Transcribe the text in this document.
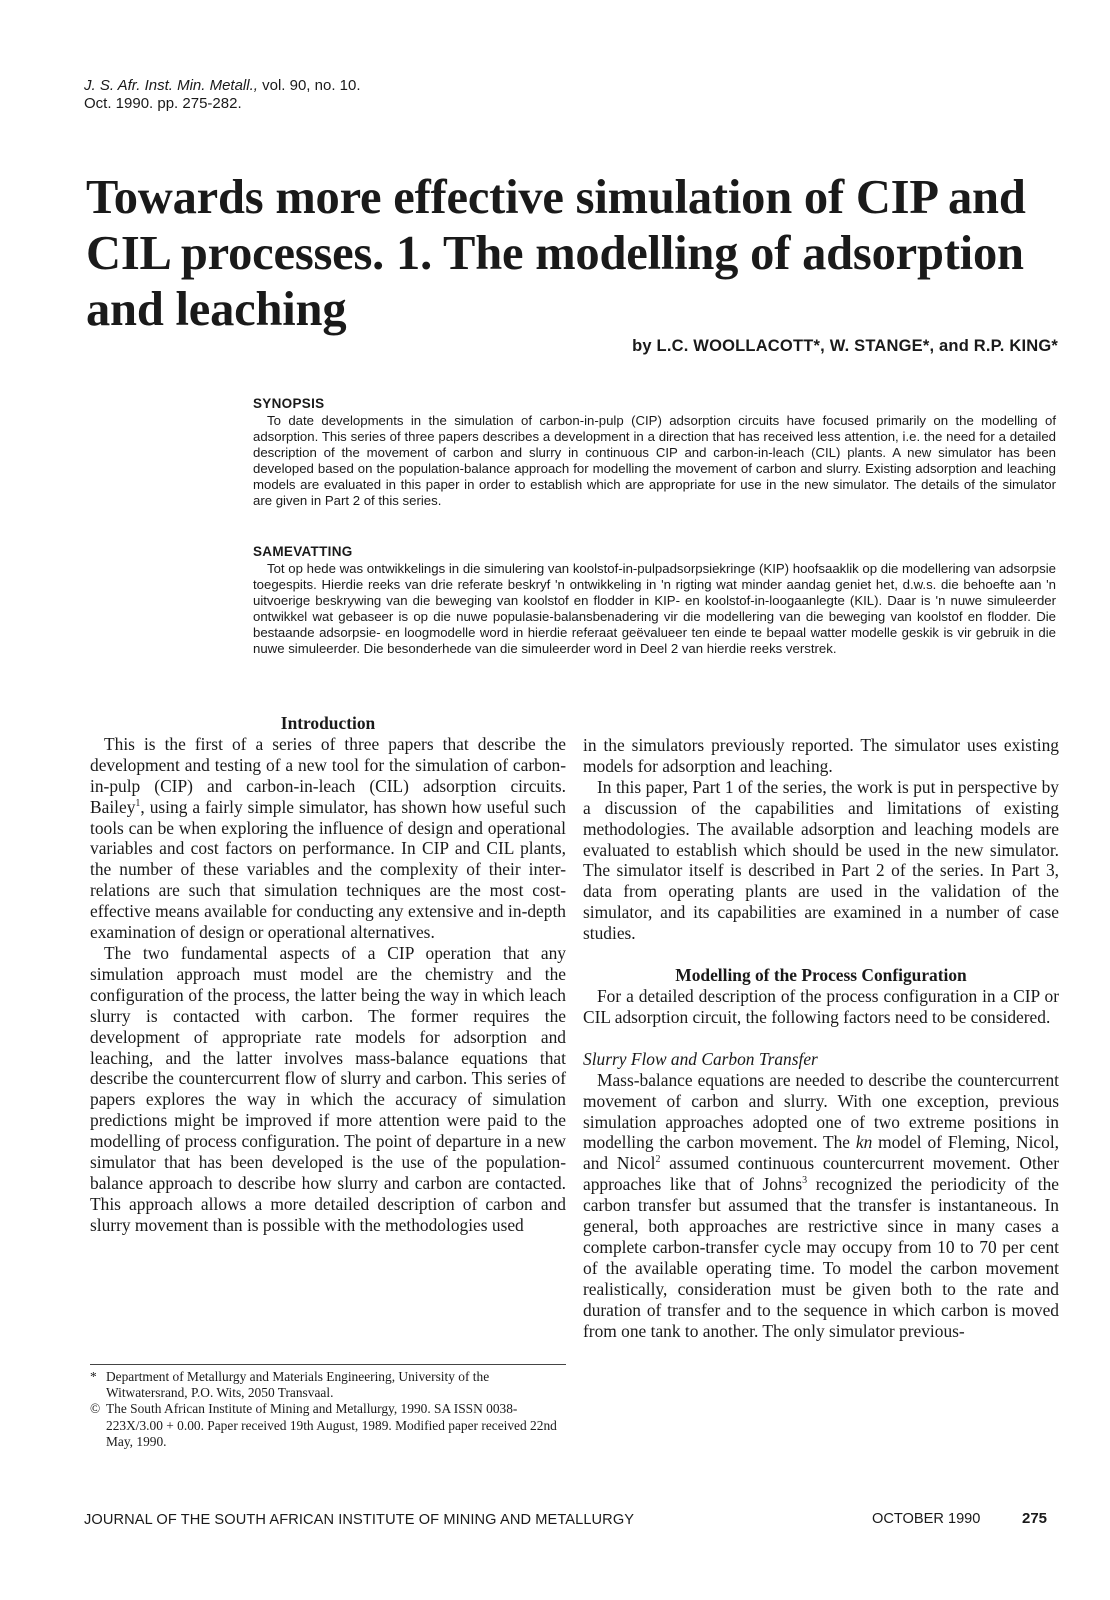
J. S. Afr. Inst. Min. Metall., vol. 90, no. 10.
Oct. 1990. pp. 275-282.
Towards more effective simulation of CIP and CIL processes. 1. The modelling of adsorption and leaching
by L.C. WOOLLACOTT*, W. STANGE*, and R.P. KING*
SYNOPSIS

To date developments in the simulation of carbon-in-pulp (CIP) adsorption circuits have focused primarily on the modelling of adsorption. This series of three papers describes a development in a direction that has received less attention, i.e. the need for a detailed description of the movement of carbon and slurry in continuous CIP and carbon-in-leach (CIL) plants. A new simulator has been developed based on the population-balance approach for modelling the movement of carbon and slurry. Existing adsorption and leaching models are evaluated in this paper in order to establish which are appropriate for use in the new simulator. The details of the simulator are given in Part 2 of this series.

SAMEVATTING

Tot op hede was ontwikkelings in die simulering van koolstof-in-pulpadsorpsiekringe (KIP) hoofsaaklik op die modellering van adsorpsie toegespits. Hierdie reeks van drie referate beskryf 'n ontwikkeling in 'n rigting wat minder aandag geniet het, d.w.s. die behoefte aan 'n uitvoerige beskrywing van die beweging van koolstof en flodder in KIP- en koolstof-in-loogaanlegte (KIL). Daar is 'n nuwe simuleerder ontwikkel wat gebaseer is op die nuwe populasie-balansbenadering vir die modellering van die beweging van koolstof en flodder. Die bestaande adsorpsie- en loogmodelle word in hierdie referaat geëvalueer ten einde te bepaal watter modelle geskik is vir gebruik in die nuwe simuleerder. Die besonderhede van die simuleerder word in Deel 2 van hierdie reeks verstrek.

Introduction

This is the first of a series of three papers that describe the development and testing of a new tool for the simulation of carbon-in-pulp (CIP) and carbon-in-leach (CIL) adsorption circuits. Bailey$^1$, using a fairly simple simulator, has shown how useful such tools can be when exploring the influence of design and operational variables and cost factors on performance. In CIP and CIL plants, the number of these variables and the complexity of their inter-relations are such that simulation techniques are the most cost-effective means available for conducting any extensive and in-depth examination of design or operational alternatives.

The two fundamental aspects of a CIP operation that any simulation approach must model are the chemistry and the configuration of the process, the latter being the way in which leach slurry is contacted with carbon. The former requires the development of appropriate rate models for adsorption and leaching, and the latter involves mass-balance equations that describe the countercurrent flow of slurry and carbon. This series of papers explores the way in which the accuracy of simulation predictions might be improved if more attention were paid to the modelling of process configuration. The point of departure in a new simulator that has been developed is the use of the population-balance approach to describe how slurry and carbon are contacted. This approach allows a more detailed description of carbon and slurry movement than is possible with the methodologies used

in the simulators previously reported. The simulator uses existing models for adsorption and leaching.

In this paper, Part 1 of the series, the work is put in perspective by a discussion of the capabilities and limitations of existing methodologies. The available adsorption and leaching models are evaluated to establish which should be used in the new simulator. The simulator itself is described in Part 2 of the series. In Part 3, data from operating plants are used in the validation of the simulator, and its capabilities are examined in a number of case studies.

Modelling of the Process Configuration

For a detailed description of the process configuration in a CIP or CIL adsorption circuit, the following factors need to be considered.

Slurry Flow and Carbon Transfer

Mass-balance equations are needed to describe the countercurrent movement of carbon and slurry. With one exception, previous simulation approaches adopted one of two extreme positions in modelling the carbon movement. The kn model of Fleming, Nicol, and Nicol$^2$ assumed continuous countercurrent movement. Other approaches like that of Johns$^3$ recognized the periodicity of the carbon transfer but assumed that the transfer is instantaneous. In general, both approaches are restrictive since in many cases a complete carbon-transfer cycle may occupy from 10 to 70 per cent of the available operating time. To model the carbon movement realistically, consideration must be given both to the rate and duration of transfer and to the sequence in which carbon is moved from one tank to another. The only simulator previous-

* Department of Metallurgy and Materials Engineering, University of the Witwatersrand, P.O. Wits, 2050 Transvaal.

© The South African Institute of Mining and Metallurgy, 1990. SA ISSN 0038-223X/3.00 + 0.00. Paper received 19th August, 1989. Modified paper received 22nd May, 1990.

JOURNAL OF THE SOUTH AFRICAN INSTITUTE OF MINING AND METALLURGY	OCTOBER 1990	275
